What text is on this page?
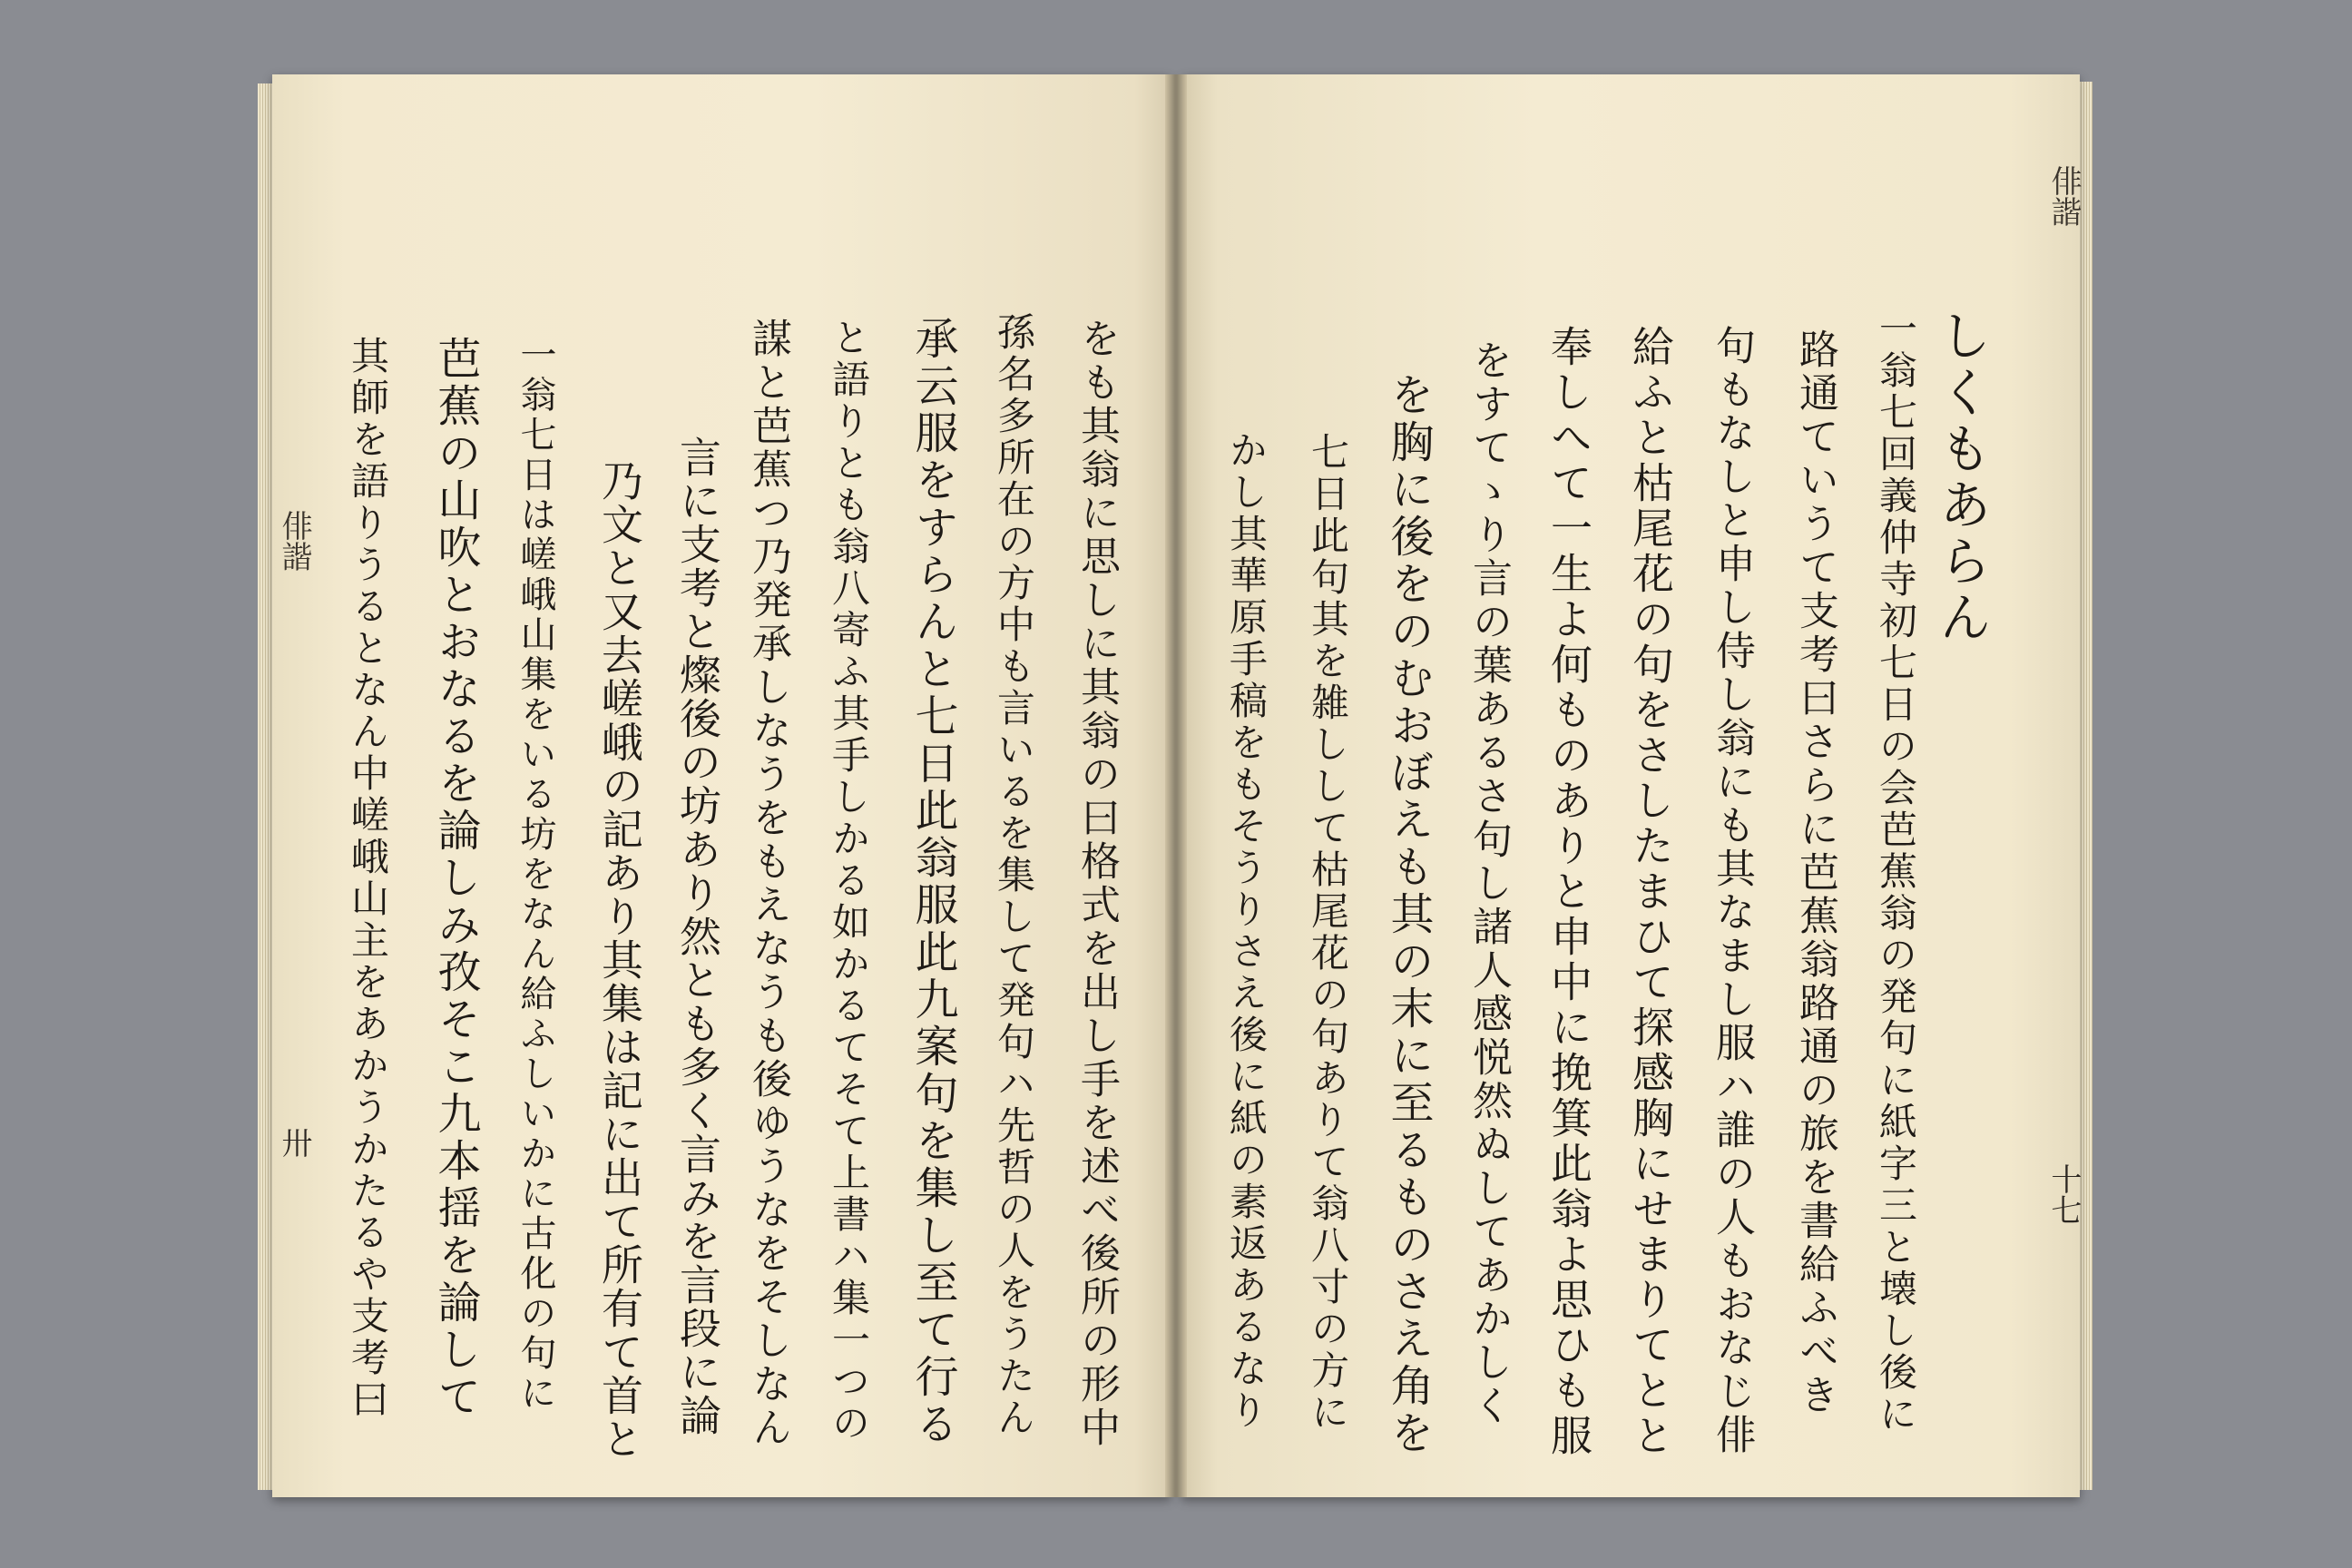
俳諧
卅	をも其翁に思しに其翁の曰格式を出し手を述べ後所の形中
孫名多所在の方中も言いるを集して発句ハ先哲の人をうたん
承云服をすらんと七日此翁服此九案句を集し至て行る
と語りとも翁八寄ふ其手しかる如かるてそて上書ハ集一つの
謀と芭蕉つ乃発承しなうをもえなうも後ゆうなをそしなん
言に支考と燦後の坊あり然とも多く言みを言段に論
乃文と又去嵯峨の記あり其集は記に出て所有て首と
一翁七日は嵯峨山集をいる坊をなん給ふしいかに古化の句に
芭蕉の山吹とおなるを論しみ孜そこ九本揺を論して
其師を語りうるとなん中嵯峨山主をあかうかたるや支考曰
俳諧
十七
しくもあらん
一翁七回義仲寺初七日の会芭蕉翁の発句に紙字三と壊し後に
路通ていうて支考曰さらに芭蕉翁路通の旅を書給ふべき
句もなしと申し侍し翁にも其なまし服ハ誰の人もおなじ俳
給ふと枯尾花の句をさしたまひて探感胸にせまりてとと
奉しへて一生よ何ものありと申中に挽箕此翁よ思ひも服
をすてゝり言の葉あるさ句し諸人感悦然ぬしてあかしく
を胸に後をのむおぼえも其の末に至るものさえ角を
七日此句其を雑しして枯尾花の句ありて翁八寸の方に
かし其華原手稿をもそうりさえ後に紙の素返あるなり
